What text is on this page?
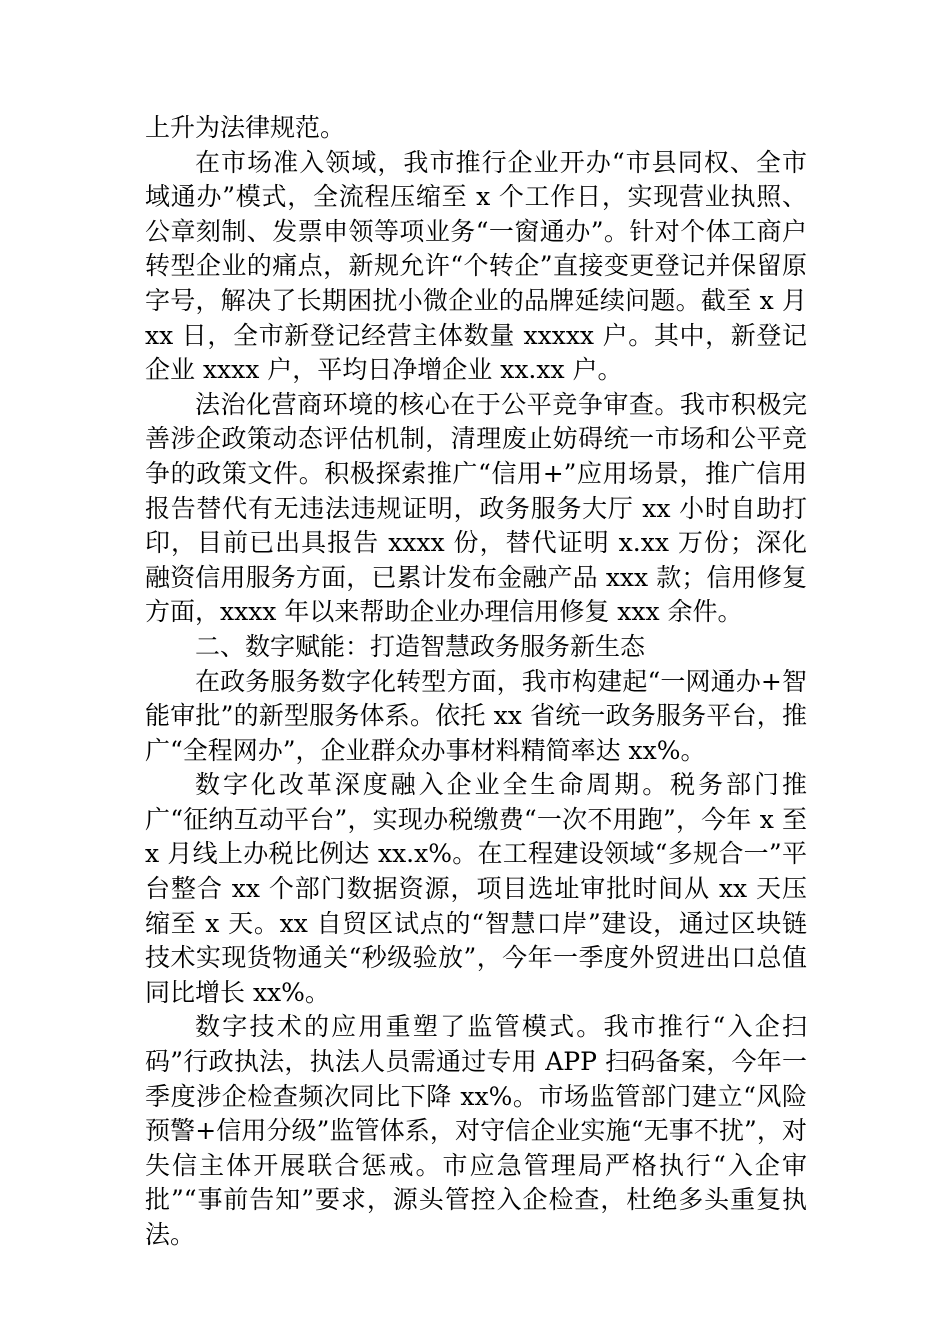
上升为法律规范。

在市场准入领域，我市推行企业开办“市县同权、全市域通办”模式，全流程压缩至 x 个工作日，实现营业执照、公章刻制、发票申领等项业务“一窗通办”。针对个体工商户转型企业的痛点，新规允许“个转企”直接变更登记并保留原字号，解决了长期困扰小微企业的品牌延续问题。截至 x 月 xx 日，全市新登记经营主体数量 xxxxx 户。其中，新登记企业 xxxx 户，平均日净增企业 xx.xx 户。

法治化营商环境的核心在于公平竞争审查。我市积极完善涉企政策动态评估机制，清理废止妨碍统一市场和公平竞争的政策文件。积极探索推广“信用+”应用场景，推广信用报告替代有无违法违规证明，政务服务大厅 xx 小时自助打印，目前已出具报告 xxxx 份，替代证明 x.xx 万份；深化融资信用服务方面，已累计发布金融产品 xxx 款；信用修复方面，xxxx 年以来帮助企业办理信用修复 xxx 余件。

二、数字赋能：打造智慧政务服务新生态

在政务服务数字化转型方面，我市构建起“一网通办+智能审批”的新型服务体系。依托 xx 省统一政务服务平台，推广“全程网办”，企业群众办事材料精简率达 xx%。

数字化改革深度融入企业全生命周期。税务部门推广“征纳互动平台”，实现办税缴费“一次不用跑”，今年 x 至 x 月线上办税比例达 xx.x%。在工程建设领域“多规合一”平台整合 xx 个部门数据资源，项目选址审批时间从 xx 天压缩至 x 天。xx 自贸区试点的“智慧口岸”建设，通过区块链技术实现货物通关“秒级验放”，今年一季度外贸进出口总值同比增长 xx%。

数字技术的应用重塑了监管模式。我市推行“入企扫码”行政执法，执法人员需通过专用 APP 扫码备案，今年一季度涉企检查频次同比下降 xx%。市场监管部门建立“风险预警+信用分级”监管体系，对守信企业实施“无事不扰”，对失信主体开展联合惩戒。市应急管理局严格执行“入企审批”“事前告知”要求，源头管控入企检查，杜绝多头重复执法。
